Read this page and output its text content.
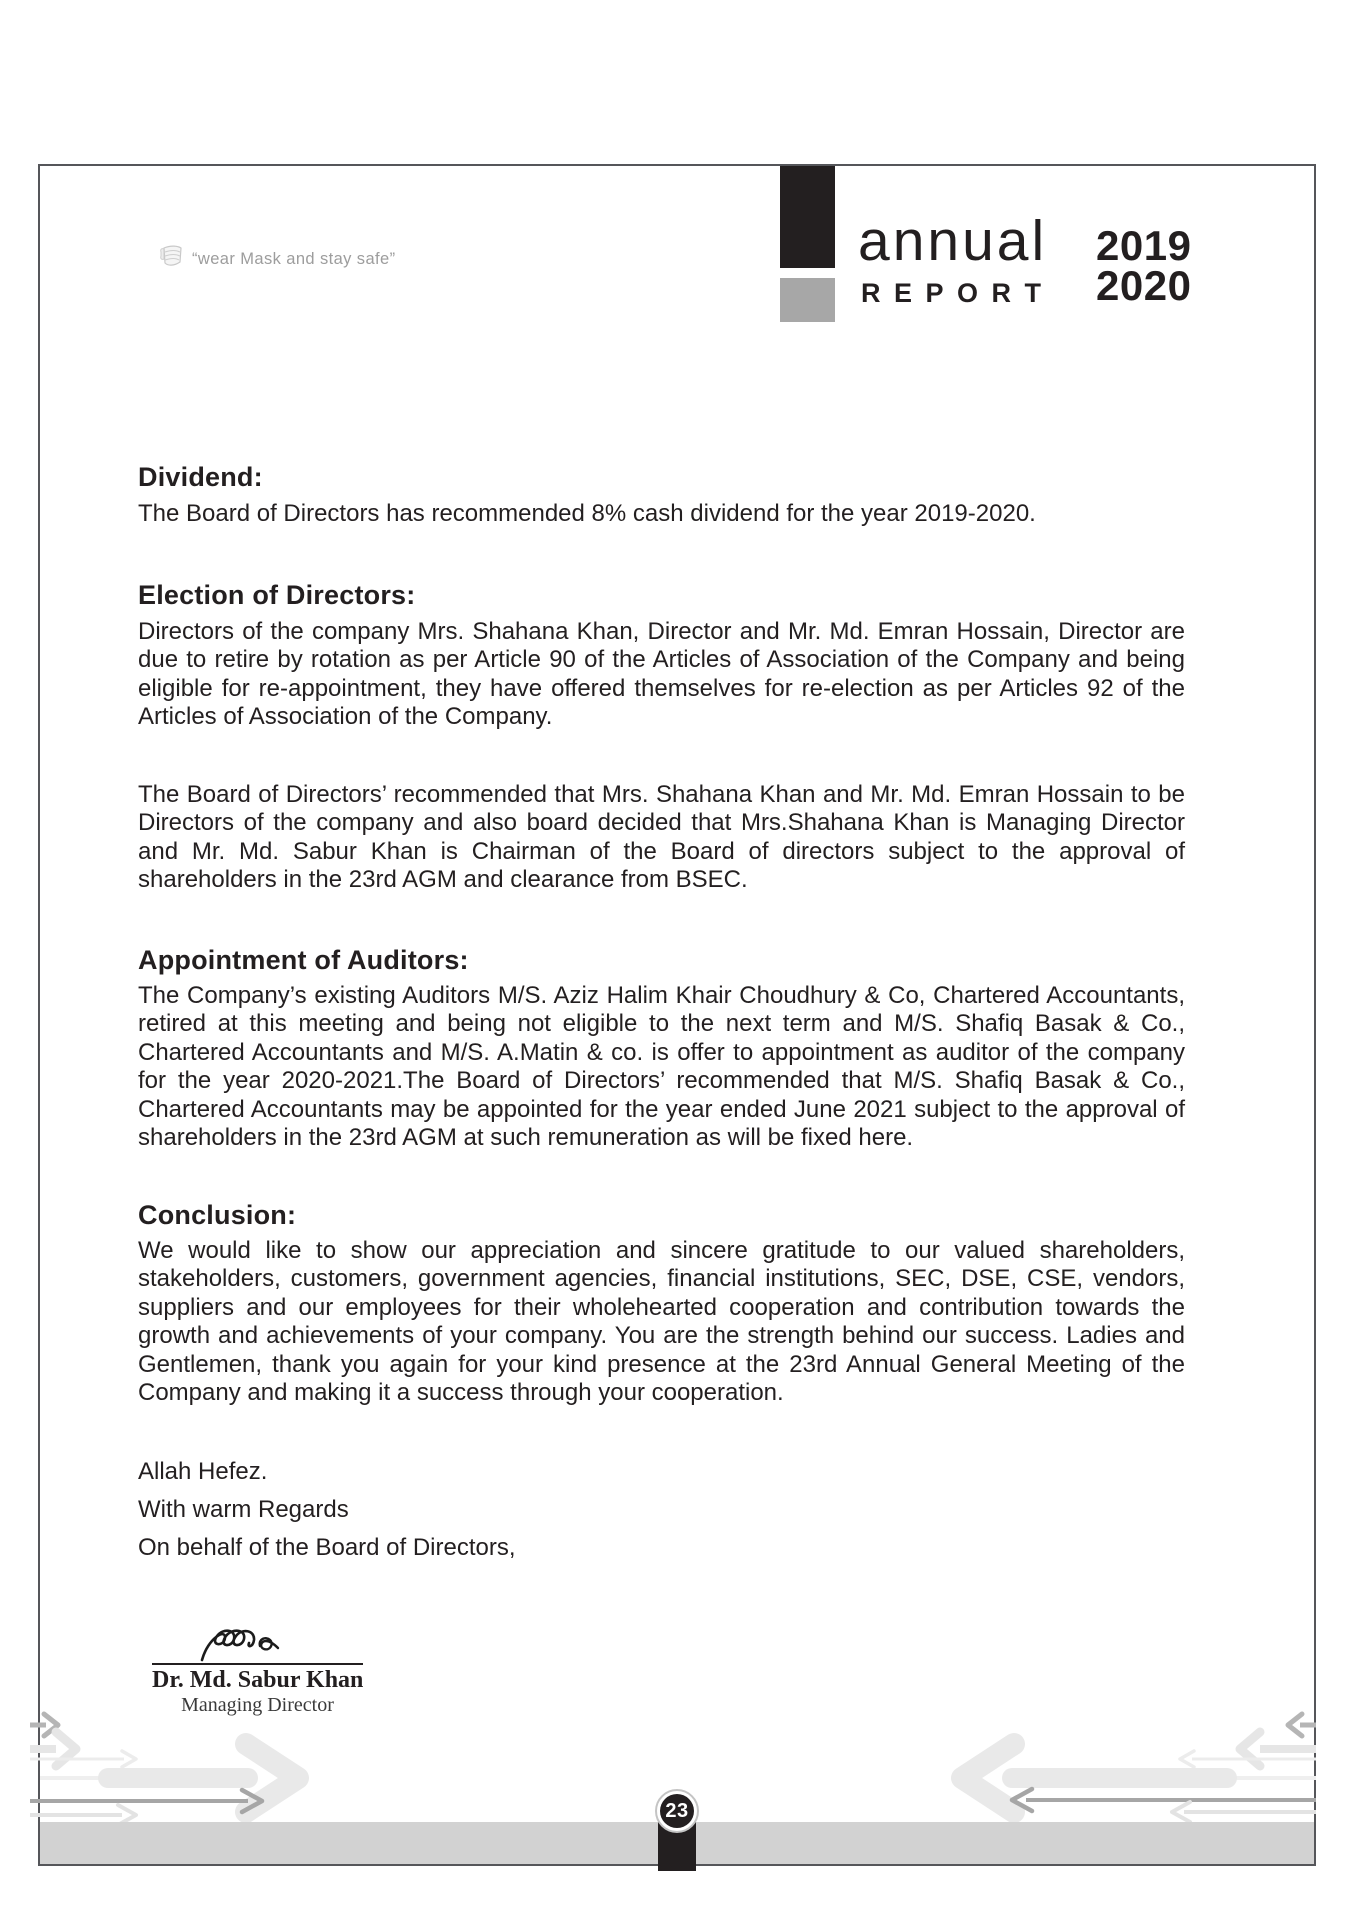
“wear Mask and stay safe”	annual
REPORT
2019
2020
Dividend:
The Board of Directors has recommended 8% cash dividend for the year 2019-2020.
Election of Directors:
Directors of the company Mrs. Shahana Khan, Director and Mr. Md. Emran Hossain, Director are due to retire by rotation as per Article 90 of the Articles of Association of the Company and being eligible for re-appointment, they have offered themselves for re-election as per Articles 92 of the Articles of Association of the Company.
The Board of Directors’ recommended that Mrs. Shahana Khan and Mr. Md. Emran Hossain to be Directors of the company and also board decided that Mrs.Shahana Khan is Managing Director and Mr. Md. Sabur Khan is Chairman of the Board of directors subject to the approval of shareholders in the 23rd AGM and clearance from BSEC.
Appointment of Auditors:
The Company’s existing Auditors M/S. Aziz Halim Khair Choudhury & Co, Chartered Accountants, retired at this meeting and being not eligible to the next term and M/S. Shafiq Basak & Co., Chartered Accountants and M/S. A.Matin & co. is offer to appointment as auditor of the company for the year 2020-2021.The Board of Directors’ recommended that M/S. Shafiq Basak & Co., Chartered Accountants may be appointed for the year ended June 2021 subject to the approval of shareholders in the 23rd AGM at such remuneration as will be fixed here.
Conclusion:
We would like to show our appreciation and sincere gratitude to our valued shareholders, stakeholders, customers, government agencies, financial institutions, SEC, DSE, CSE, vendors, suppliers and our employees for their wholehearted cooperation and contribution towards the growth and achievements of your company. You are the strength behind our success. Ladies and Gentlemen, thank you again for your kind presence at the 23rd Annual General Meeting of the Company and making it a success through your cooperation.
Allah Hefez.
With warm Regards
On behalf of the Board of Directors,
Dr. Md. Sabur Khan
Managing Director
23
